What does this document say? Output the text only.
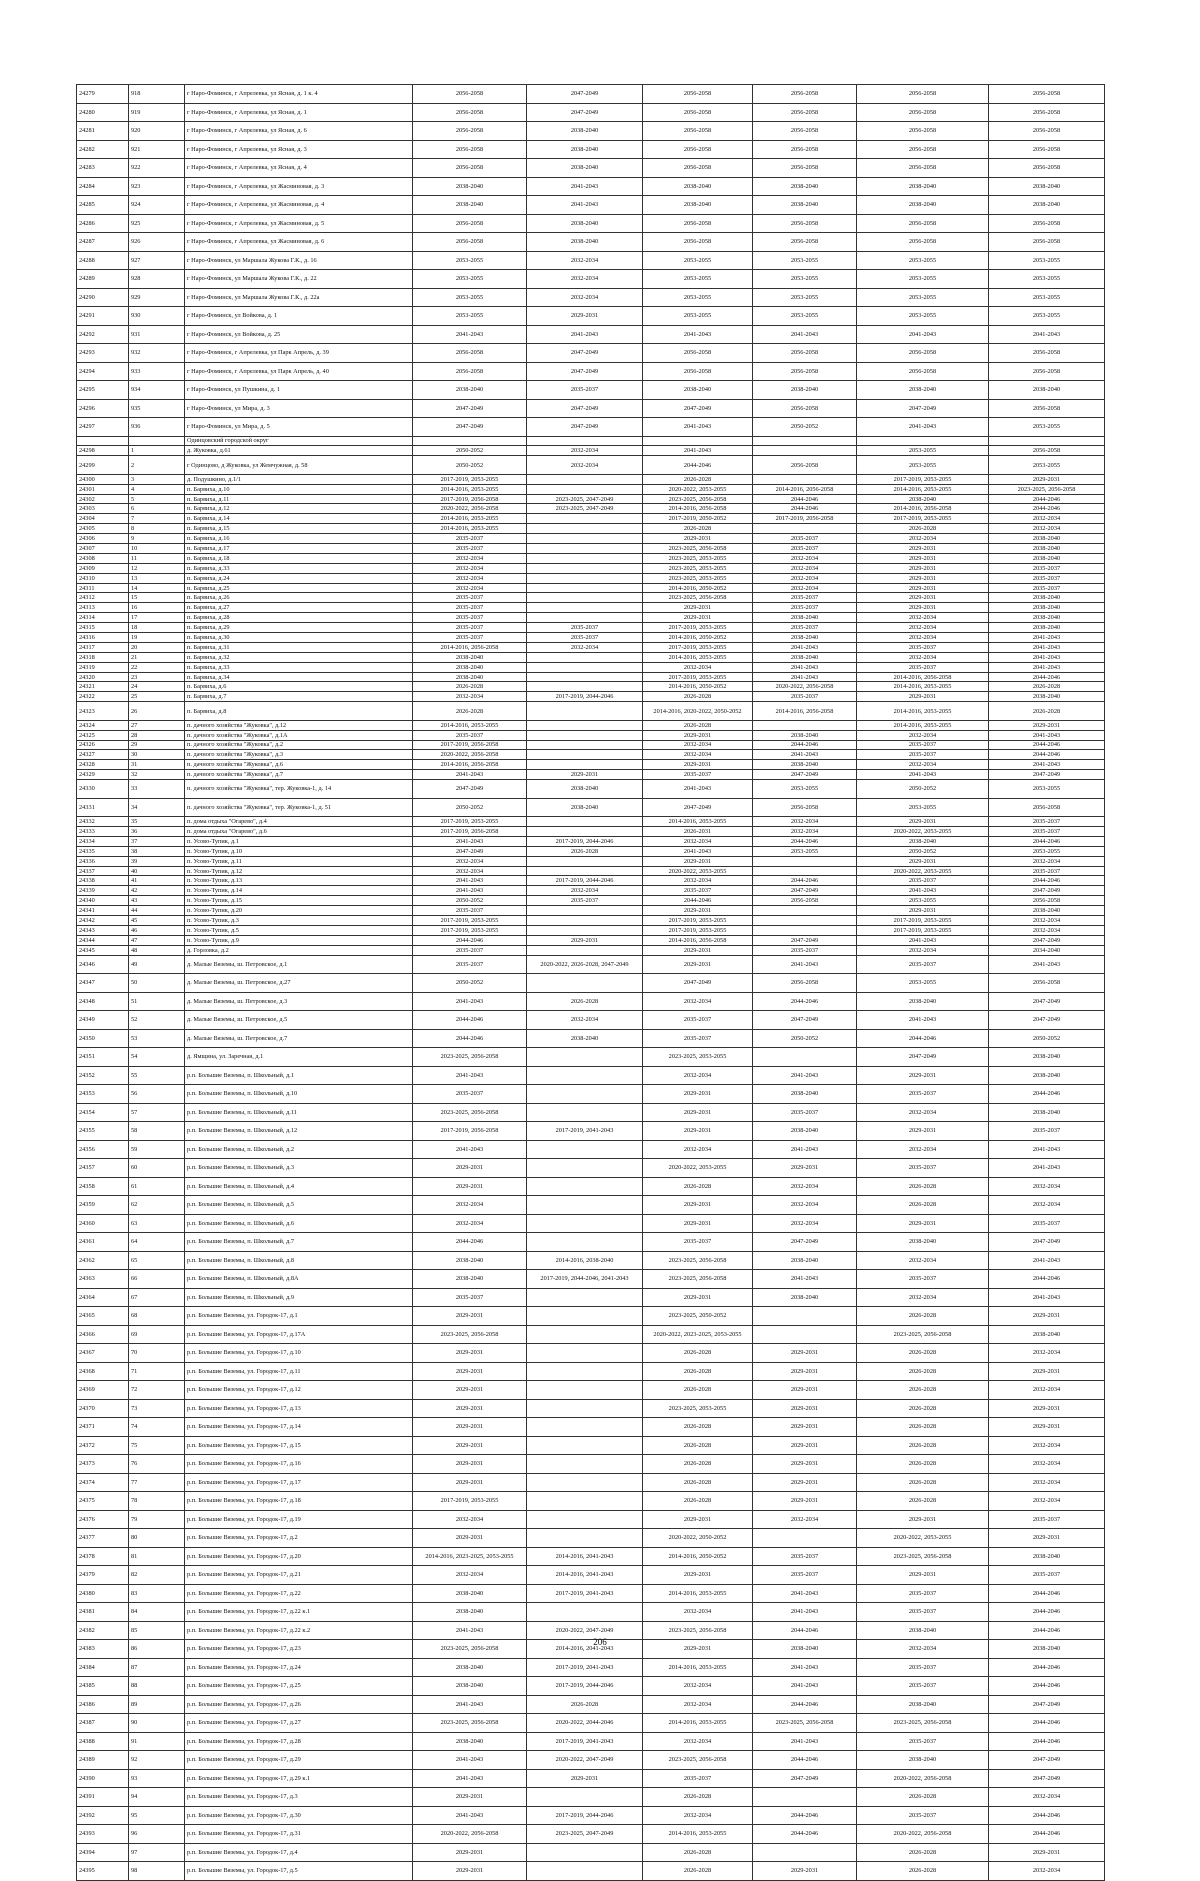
24279	918	г Наро-Фоминск, г Апрелевка, ул Ясная, д. 1 к. 4	2056-2058	2047-2049	2056-2058	2056-2058	2056-2058	2056-2058
24280	919	г Наро-Фоминск, г Апрелевка, ул Ясная, д. 1	2056-2058	2047-2049	2056-2058	2056-2058	2056-2058	2056-2058
24281	920	г Наро-Фоминск, г Апрелевка, ул Ясная, д. 6	2056-2058	2038-2040	2056-2058	2056-2058	2056-2058	2056-2058
24282	921	г Наро-Фоминск, г Апрелевка, ул Ясная, д. 3	2056-2058	2038-2040	2056-2058	2056-2058	2056-2058	2056-2058
24283	922	г Наро-Фоминск, г Апрелевка, ул Ясная, д. 4	2056-2058	2038-2040	2056-2058	2056-2058	2056-2058	2056-2058
24284	923	г Наро-Фоминск, г Апрелевка, ул Жасминовая, д. 3	2038-2040	2041-2043	2038-2040	2038-2040	2038-2040	2038-2040
24285	924	г Наро-Фоминск, г Апрелевка, ул Жасминовая, д. 4	2038-2040	2041-2043	2038-2040	2038-2040	2038-2040	2038-2040
24286	925	г Наро-Фоминск, г Апрелевка, ул Жасминовая, д. 5	2056-2058	2038-2040	2056-2058	2056-2058	2056-2058	2056-2058
24287	926	г Наро-Фоминск, г Апрелевка, ул Жасминовая, д. 6	2056-2058	2038-2040	2056-2058	2056-2058	2056-2058	2056-2058
24288	927	г Наро-Фоминск, ул Маршала Жукова Г.К., д. 16	2053-2055	2032-2034	2053-2055	2053-2055	2053-2055	2053-2055
24289	928	г Наро-Фоминск, ул Маршала Жукова Г.К., д. 22	2053-2055	2032-2034	2053-2055	2053-2055	2053-2055	2053-2055
24290	929	г Наро-Фоминск, ул Маршала Жукова Г.К., д. 22а	2053-2055	2032-2034	2053-2055	2053-2055	2053-2055	2053-2055
24291	930	г Наро-Фоминск, ул Войкова, д. 1	2053-2055	2029-2031	2053-2055	2053-2055	2053-2055	2053-2055
24292	931	г Наро-Фоминск, ул Войкова, д. 25	2041-2043	2041-2043	2041-2043	2041-2043	2041-2043	2041-2043
24293	932	г Наро-Фоминск, г Апрелевка, ул Парк Апрель, д. 39	2056-2058	2047-2049	2056-2058	2056-2058	2056-2058	2056-2058
24294	933	г Наро-Фоминск, г Апрелевка, ул Парк Апрель, д. 40	2056-2058	2047-2049	2056-2058	2056-2058	2056-2058	2056-2058
24295	934	г Наро-Фоминск, ул Пушкина, д. 1	2038-2040	2035-2037	2038-2040	2038-2040	2038-2040	2038-2040
24296	935	г Наро-Фоминск, ул Мира, д. 3	2047-2049	2047-2049	2047-2049	2056-2058	2047-2049	2056-2058
24297	936	г Наро-Фоминск, ул Мира, д. 5	2047-2049	2047-2049	2041-2043	2050-2052	2041-2043	2053-2055
		Одинцовский городской округ						
24298	1	д. Жуковка, д.61	2050-2052	2032-2034	2041-2043		2053-2055	2056-2058
24299	2	г Одинцово, д Жуковка, ул Жемчужная, д. 58	2050-2052	2032-2034	2044-2046	2056-2058	2053-2055	2053-2055
24300	3	д. Подушкино, д.1/1	2017-2019, 2053-2055		2026-2028		2017-2019, 2053-2055	2029-2031
24301	4	п. Барвиха, д.10	2014-2016, 2053-2055		2020-2022, 2053-2055	2014-2016, 2056-2058	2014-2016, 2053-2055	2023-2025, 2056-2058
24302	5	п. Барвиха, д.11	2017-2019, 2056-2058	2023-2025, 2047-2049	2023-2025, 2056-2058	2044-2046	2038-2040	2044-2046
24303	6	п. Барвиха, д.12	2020-2022, 2056-2058	2023-2025, 2047-2049	2014-2016, 2056-2058	2044-2046	2014-2016, 2056-2058	2044-2046
24304	7	п. Барвиха, д.14	2014-2016, 2053-2055		2017-2019, 2050-2052	2017-2019, 2056-2058	2017-2019, 2053-2055	2032-2034
24305	8	п. Барвиха, д.15	2014-2016, 2053-2055		2026-2028		2026-2028	2032-2034
24306	9	п. Барвиха, д.16	2035-2037		2029-2031	2035-2037	2032-2034	2038-2040
24307	10	п. Барвиха, д.17	2035-2037		2023-2025, 2056-2058	2035-2037	2029-2031	2038-2040
24308	11	п. Барвиха, д.18	2032-2034		2023-2025, 2053-2055	2032-2034	2029-2031	2038-2040
24309	12	п. Барвиха, д.33	2032-2034		2023-2025, 2053-2055	2032-2034	2029-2031	2035-2037
24310	13	п. Барвиха, д.24	2032-2034		2023-2025, 2053-2055	2032-2034	2029-2031	2035-2037
24311	14	п. Барвиха, д.25	2032-2034		2014-2016, 2050-2052	2032-2034	2029-2031	2035-2037
24312	15	п. Барвиха, д.26	2035-2037		2023-2025, 2056-2058	2035-2037	2029-2031	2038-2040
24313	16	п. Барвиха, д.27	2035-2037		2029-2031	2035-2037	2029-2031	2038-2040
24314	17	п. Барвиха, д.28	2035-2037		2029-2031	2038-2040	2032-2034	2038-2040
24315	18	п. Барвиха, д.29	2035-2037	2035-2037	2017-2019, 2053-2055	2035-2037	2032-2034	2038-2040
24316	19	п. Барвиха, д.30	2035-2037	2035-2037	2014-2016, 2050-2052	2038-2040	2032-2034	2041-2043
24317	20	п. Барвиха, д.31	2014-2016, 2056-2058	2032-2034	2017-2019, 2053-2055	2041-2043	2035-2037	2041-2043
24318	21	п. Барвиха, д.32	2038-2040		2014-2016, 2053-2055	2038-2040	2032-2034	2041-2043
24319	22	п. Барвиха, д.33	2038-2040		2032-2034	2041-2043	2035-2037	2041-2043
24320	23	п. Барвиха, д.34	2038-2040		2017-2019, 2053-2055	2041-2043	2014-2016, 2056-2058	2044-2046
24321	24	п. Барвиха, д.6	2026-2028		2014-2016, 2050-2052	2020-2022, 2056-2058	2014-2016, 2053-2055	2026-2028
24322	25	п. Барвиха, д.7	2032-2034	2017-2019, 2044-2046	2026-2028	2035-2037	2029-2031	2038-2040
24323	26	п. Барвиха, д.8	2026-2028		2014-2016, 2020-2022, 2050-2052	2014-2016, 2056-2058	2014-2016, 2053-2055	2026-2028
24324	27	п. дачного хозяйства "Жуковка", д.12	2014-2016, 2053-2055		2026-2028		2014-2016, 2053-2055	2029-2031
24325	28	п. дачного хозяйства "Жуковка", д.1А	2035-2037		2029-2031	2038-2040	2032-2034	2041-2043
24326	29	п. дачного хозяйства "Жуковка", д.2	2017-2019, 2056-2058		2032-2034	2044-2046	2035-2037	2044-2046
24327	30	п. дачного хозяйства "Жуковка", д.3	2020-2022, 2056-2058		2032-2034	2041-2043	2035-2037	2044-2046
24328	31	п. дачного хозяйства "Жуковка", д.6	2014-2016, 2056-2058		2029-2031	2038-2040	2032-2034	2041-2043
24329	32	п. дачного хозяйства "Жуковка", д.7	2041-2043	2029-2031	2035-2037	2047-2049	2041-2043	2047-2049
24330	33	п. дачного хозяйства "Жуковка", тер. Жуковка-1, д. 14	2047-2049	2038-2040	2041-2043	2053-2055	2050-2052	2053-2055
24331	34	п. дачного хозяйства "Жуковка", тер. Жуковка-1, д. 51	2050-2052	2038-2040	2047-2049	2056-2058	2053-2055	2056-2058
24332	35	п. дома отдыха "Огарево", д.4	2017-2019, 2053-2055		2014-2016, 2053-2055	2032-2034	2029-2031	2035-2037
24333	36	п. дома отдыха "Огарево", д.6	2017-2019, 2056-2058		2026-2031	2032-2034	2020-2022, 2053-2055	2035-2037
24334	37	п. Усово-Тупик, д.1	2041-2043	2017-2019, 2044-2046	2032-2034	2044-2046	2038-2040	2044-2046
24335	38	п. Усово-Тупик, д.10	2047-2049	2026-2028	2041-2043	2053-2055	2050-2052	2053-2055
24336	39	п. Усово-Тупик, д.11	2032-2034		2029-2031		2029-2031	2032-2034
24337	40	п. Усово-Тупик, д.12	2032-2034		2020-2022, 2053-2055		2020-2022, 2053-2055	2035-2037
24338	41	п. Усово-Тупик, д.13	2041-2043	2017-2019, 2044-2046	2032-2034	2044-2046	2035-2037	2044-2046
24339	42	п. Усово-Тупик, д.14	2041-2043	2032-2034	2035-2037	2047-2049	2041-2043	2047-2049
24340	43	п. Усово-Тупик, д.15	2050-2052	2035-2037	2044-2046	2056-2058	2053-2055	2056-2058
24341	44	п. Усово-Тупик, д.20	2035-2037		2029-2031		2029-2031	2038-2040
24342	45	п. Усово-Тупик, д.3	2017-2019, 2053-2055		2017-2019, 2053-2055		2017-2019, 2053-2055	2032-2034
24343	46	п. Усово-Тупик, д.5	2017-2019, 2053-2055		2017-2019, 2053-2055		2017-2019, 2053-2055	2032-2034
24344	47	п. Усово-Тупик, д.9	2044-2046	2029-2031	2014-2016, 2056-2058	2047-2049	2041-2043	2047-2049
24345	48	д. Горловка, д.2	2035-2037		2029-2031	2035-2037	2032-2034	2034-2040
24346	49	д. Малые Вяземы, ш. Петровское, д.1	2035-2037	2020-2022, 2026-2028, 2047-2049	2029-2031	2041-2043	2035-2037	2041-2043
24347	50	д. Малые Вяземы, ш. Петровское, д.27	2050-2052		2047-2049	2056-2058	2053-2055	2056-2058
24348	51	д. Малые Вяземы, ш. Петровское, д.3	2041-2043	2026-2028	2032-2034	2044-2046	2038-2040	2047-2049
24349	52	д. Малые Вяземы, ш. Петровское, д.5	2044-2046	2032-2034	2035-2037	2047-2049	2041-2043	2047-2049
24350	53	д. Малые Вяземы, ш. Петровское, д.7	2044-2046	2038-2040	2035-2037	2050-2052	2044-2046	2050-2052
24351	54	д. Ямщина, ул. Заречная, д.1	2023-2025, 2056-2058		2023-2025, 2053-2055		2047-2049	2038-2040
24352	55	р.п. Большие Вяземы, п. Школьный, д.1	2041-2043		2032-2034	2041-2043	2029-2031	2038-2040
24353	56	р.п. Большие Вяземы, п. Школьный, д.10	2035-2037		2029-2031	2038-2040	2035-2037	2044-2046
24354	57	р.п. Большие Вяземы, п. Школьный, д.11	2023-2025, 2056-2058		2029-2031	2035-2037	2032-2034	2038-2040
24355	58	р.п. Большие Вяземы, п. Школьный, д.12	2017-2019, 2056-2058	2017-2019, 2041-2043	2029-2031	2038-2040	2029-2031	2035-2037
24356	59	р.п. Большие Вяземы, п. Школьный, д.2	2041-2043		2032-2034	2041-2043	2032-2034	2041-2043
24357	60	р.п. Большие Вяземы, п. Школьный, д.3	2029-2031		2020-2022, 2053-2055	2029-2031	2035-2037	2041-2043
24358	61	р.п. Большие Вяземы, п. Школьный, д.4	2029-2031		2026-2028	2032-2034	2026-2028	2032-2034
24359	62	р.п. Большие Вяземы, п. Школьный, д.5	2032-2034		2029-2031	2032-2034	2026-2028	2032-2034
24360	63	р.п. Большие Вяземы, п. Школьный, д.6	2032-2034		2029-2031	2032-2034	2029-2031	2035-2037
24361	64	р.п. Большие Вяземы, п. Школьный, д.7	2044-2046		2035-2037	2047-2049	2038-2040	2047-2049
24362	65	р.п. Большие Вяземы, п. Школьный, д.8	2038-2040	2014-2016, 2038-2040	2023-2025, 2056-2058	2038-2040	2032-2034	2041-2043
24363	66	р.п. Большие Вяземы, п. Школьный, д.8А	2038-2040	2017-2019, 2044-2046, 2041-2043	2023-2025, 2056-2058	2041-2043	2035-2037	2044-2046
24364	67	р.п. Большие Вяземы, п. Школьный, д.9	2035-2037		2029-2031	2038-2040	2032-2034	2041-2043
24365	68	р.п. Большие Вяземы, ул. Городок-17, д.1	2029-2031		2023-2025, 2050-2052		2026-2028	2029-2031
24366	69	р.п. Большие Вяземы, ул. Городок-17, д.17А	2023-2025, 2056-2058		2020-2022, 2023-2025, 2053-2055		2023-2025, 2056-2058	2038-2040
24367	70	р.п. Большие Вяземы, ул. Городок-17, д.10	2029-2031		2026-2028	2029-2031	2026-2028	2032-2034
24368	71	р.п. Большие Вяземы, ул. Городок-17, д.11	2029-2031		2026-2028	2029-2031	2026-2028	2029-2031
24369	72	р.п. Большие Вяземы, ул. Городок-17, д.12	2029-2031		2026-2028	2029-2031	2026-2028	2032-2034
24370	73	р.п. Большие Вяземы, ул. Городок-17, д.13	2029-2031		2023-2025, 2053-2055	2029-2031	2026-2028	2029-2031
24371	74	р.п. Большие Вяземы, ул. Городок-17, д.14	2029-2031		2026-2028	2029-2031	2026-2028	2029-2031
24372	75	р.п. Большие Вяземы, ул. Городок-17, д.15	2029-2031		2026-2028	2029-2031	2026-2028	2032-2034
24373	76	р.п. Большие Вяземы, ул. Городок-17, д.16	2029-2031		2026-2028	2029-2031	2026-2028	2032-2034
24374	77	р.п. Большие Вяземы, ул. Городок-17, д.17	2029-2031		2026-2028	2029-2031	2026-2028	2032-2034
24375	78	р.п. Большие Вяземы, ул. Городок-17, д.18	2017-2019, 2053-2055		2026-2028	2029-2031	2026-2028	2032-2034
24376	79	р.п. Большие Вяземы, ул. Городок-17, д.19	2032-2034		2029-2031	2032-2034	2029-2031	2035-2037
24377	80	р.п. Большие Вяземы, ул. Городок-17, д.2	2029-2031		2020-2022, 2050-2052		2020-2022, 2053-2055	2029-2031
24378	81	р.п. Большие Вяземы, ул. Городок-17, д.20	2014-2016, 2023-2025, 2053-2055	2014-2016, 2041-2043	2014-2016, 2050-2052	2035-2037	2023-2025, 2056-2058	2038-2040
24379	82	р.п. Большие Вяземы, ул. Городок-17, д.21	2032-2034	2014-2016, 2041-2043	2029-2031	2035-2037	2029-2031	2035-2037
24380	83	р.п. Большие Вяземы, ул. Городок-17, д.22	2038-2040	2017-2019, 2041-2043	2014-2016, 2053-2055	2041-2043	2035-2037	2044-2046
24381	84	р.п. Большие Вяземы, ул. Городок-17, д.22 к.1	2038-2040		2032-2034	2041-2043	2035-2037	2044-2046
24382	85	р.п. Большие Вяземы, ул. Городок-17, д.22 к.2	2041-2043	2020-2022, 2047-2049	2023-2025, 2056-2058	2044-2046	2038-2040	2044-2046
24383	86	р.п. Большие Вяземы, ул. Городок-17, д.23	2023-2025, 2056-2058	2014-2016, 2041-2043	2029-2031	2038-2040	2032-2034	2038-2040
24384	87	р.п. Большие Вяземы, ул. Городок-17, д.24	2038-2040	2017-2019, 2041-2043	2014-2016, 2053-2055	2041-2043	2035-2037	2044-2046
24385	88	р.п. Большие Вяземы, ул. Городок-17, д.25	2038-2040	2017-2019, 2044-2046	2032-2034	2041-2043	2035-2037	2044-2046
24386	89	р.п. Большие Вяземы, ул. Городок-17, д.26	2041-2043	2026-2028	2032-2034	2044-2046	2038-2040	2047-2049
24387	90	р.п. Большие Вяземы, ул. Городок-17, д.27	2023-2025, 2056-2058	2020-2022, 2044-2046	2014-2016, 2053-2055	2023-2025, 2056-2058	2023-2025, 2056-2058	2044-2046
24388	91	р.п. Большие Вяземы, ул. Городок-17, д.28	2038-2040	2017-2019, 2041-2043	2032-2034	2041-2043	2035-2037	2044-2046
24389	92	р.п. Большие Вяземы, ул. Городок-17, д.29	2041-2043	2020-2022, 2047-2049	2023-2025, 2056-2058	2044-2046	2038-2040	2047-2049
24390	93	р.п. Большие Вяземы, ул. Городок-17, д.29 к.1	2041-2043	2029-2031	2035-2037	2047-2049	2020-2022, 2056-2058	2047-2049
24391	94	р.п. Большие Вяземы, ул. Городок-17, д.3	2029-2031		2026-2028		2026-2028	2032-2034
24392	95	р.п. Большие Вяземы, ул. Городок-17, д.30	2041-2043	2017-2019, 2044-2046	2032-2034	2044-2046	2035-2037	2044-2046
24393	96	р.п. Большие Вяземы, ул. Городок-17, д.31	2020-2022, 2056-2058	2023-2025, 2047-2049	2014-2016, 2053-2055	2044-2046	2020-2022, 2056-2058	2044-2046
24394	97	р.п. Большие Вяземы, ул. Городок-17, д.4	2029-2031		2026-2028		2026-2028	2029-2031
24395	98	р.п. Большие Вяземы, ул. Городок-17, д.5	2029-2031		2026-2028	2029-2031	2026-2028	2032-2034
206
